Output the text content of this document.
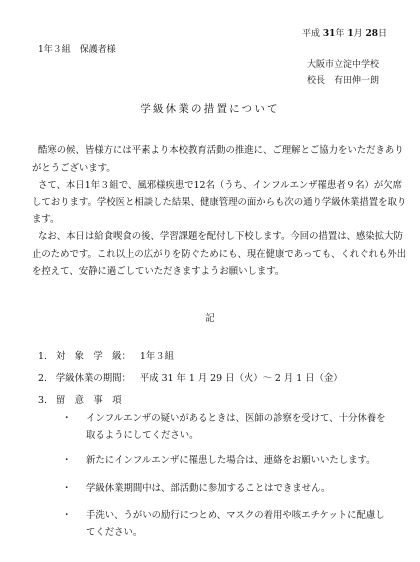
平成 31年 1月 28日
1年３組　保護者様
大阪市立淀中学校
校長　有田伸一朗
学級休業の措置について
酷寒の候、皆様方には平素より本校教育活動の推進に、ご理解とご協力をいただきあり
がとうございます。
さて、本日1年３組で、風邪様疾患で12名（うち、インフルエンザ罹患者９名）が欠席
しております。学校医と相談した結果、健康管理の面からも次の通り学級休業措置を取り
ます。
なお、本日は給食喫食の後、学習課題を配付し下校します。今回の措置は、感染拡大防
止のためです。これ以上の広がりを防ぐためにも、現在健康であっても、くれぐれも外出
を控えて、安静に過ごしていただきますようお願いします。
記
1. 対　象　学　級： 1年３組
2. 学級休業の期間： 平成 31 年 1 月 29 日（火）〜 2 月 1 日（金）
3. 留　意　事　項
・ インフルエンザの疑いがあるときは、医師の診察を受けて、十分休養を
取るようにしてください。
・ 新たにインフルエンザに罹患した場合は、連絡をお願いいたします。
・ 学級休業期間中は、部活動に参加することはできません。
・ 手洗い、うがいの励行につとめ、マスクの着用や咳エチケットに配慮し
てください。
